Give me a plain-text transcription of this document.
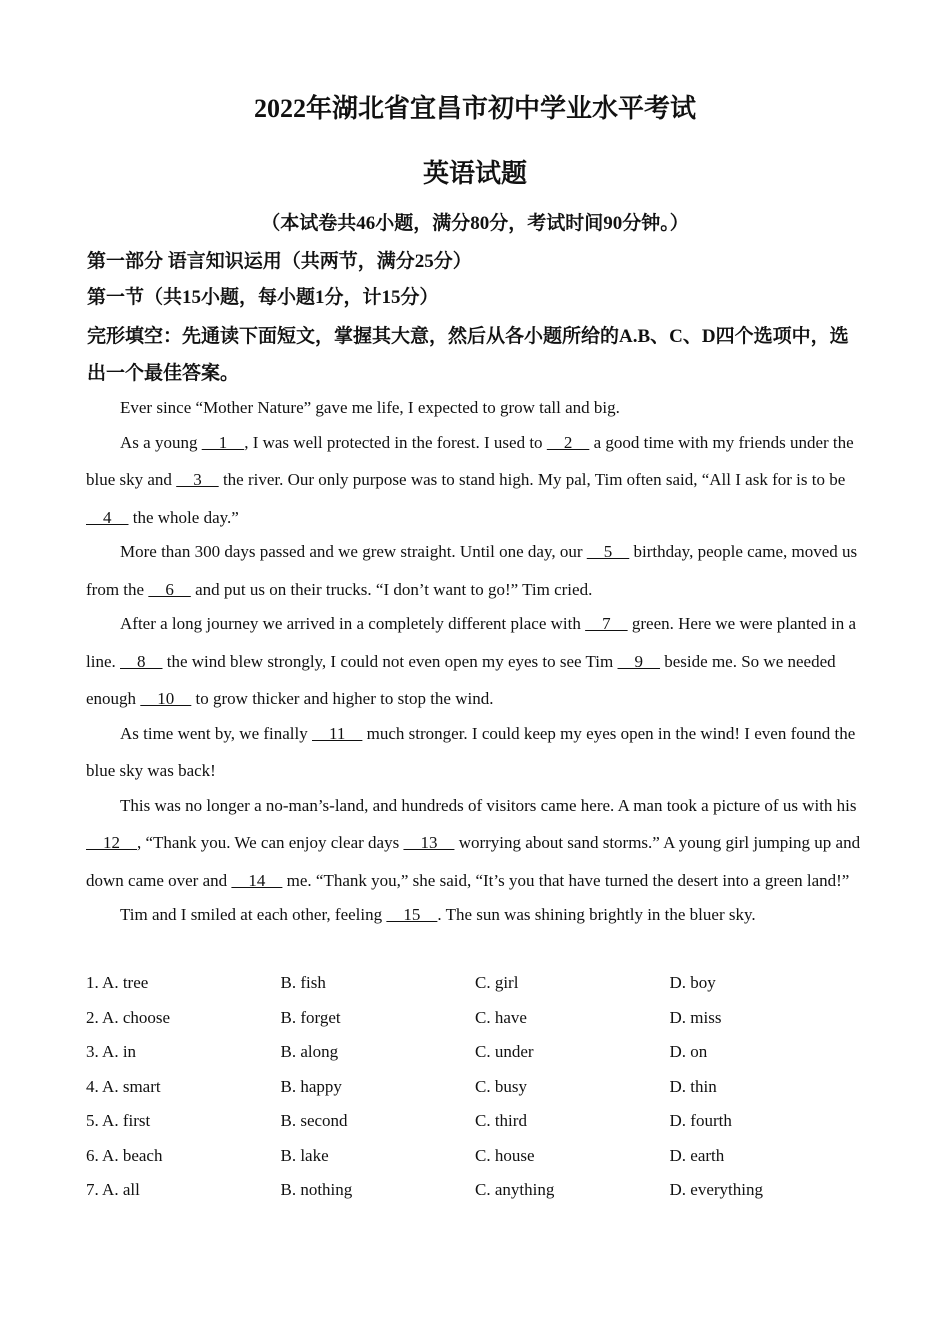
2022年湖北省宜昌市初中学业水平考试
英语试题
（本试卷共46小题，满分80分，考试时间90分钟。）
第一部分 语言知识运用（共两节，满分25分）
第一节（共15小题，每小题1分，计15分）
完形填空：先通读下面短文，掌握其大意，然后从各小题所给的A.B、C、D四个选项中，选出一个最佳答案。

Ever since “Mother Nature” gave me life, I expected to grow tall and big.

As a young     1    , I was well protected in the forest. I used to     2     a good time with my friends under the blue sky and     3     the river. Our only purpose was to stand high. My pal, Tim often said, “All I ask for is to be     4     the whole day.”

More than 300 days passed and we grew straight. Until one day, our     5     birthday, people came, moved us from the     6     and put us on their trucks. “I don’t want to go!” Tim cried.

After a long journey we arrived in a completely different place with     7     green. Here we were planted in a line.     8     the wind blew strongly, I could not even open my eyes to see Tim     9     beside me. So we needed enough     10     to grow thicker and higher to stop the wind.

As time went by, we finally     11     much stronger. I could keep my eyes open in the wind! I even found the blue sky was back!

This was no longer a no-man’s-land, and hundreds of visitors came here. A man took a picture of us with his     12    , “Thank you. We can enjoy clear days     13     worrying about sand storms.” A young girl jumping up and down came over and     14     me. “Thank you,” she said, “It’s you that have turned the desert into a green land!”

Tim and I smiled at each other, feeling     15    . The sun was shining brightly in the bluer sky.

1. A. tree	B. fish	C. girl	D. boy
2. A. choose	B. forget	C. have	D. miss
3. A. in	B. along	C. under	D. on
4. A. smart	B. happy	C. busy	D. thin
5. A. first	B. second	C. third	D. fourth
6. A. beach	B. lake	C. house	D. earth
7. A. all	B. nothing	C. anything	D. everything
